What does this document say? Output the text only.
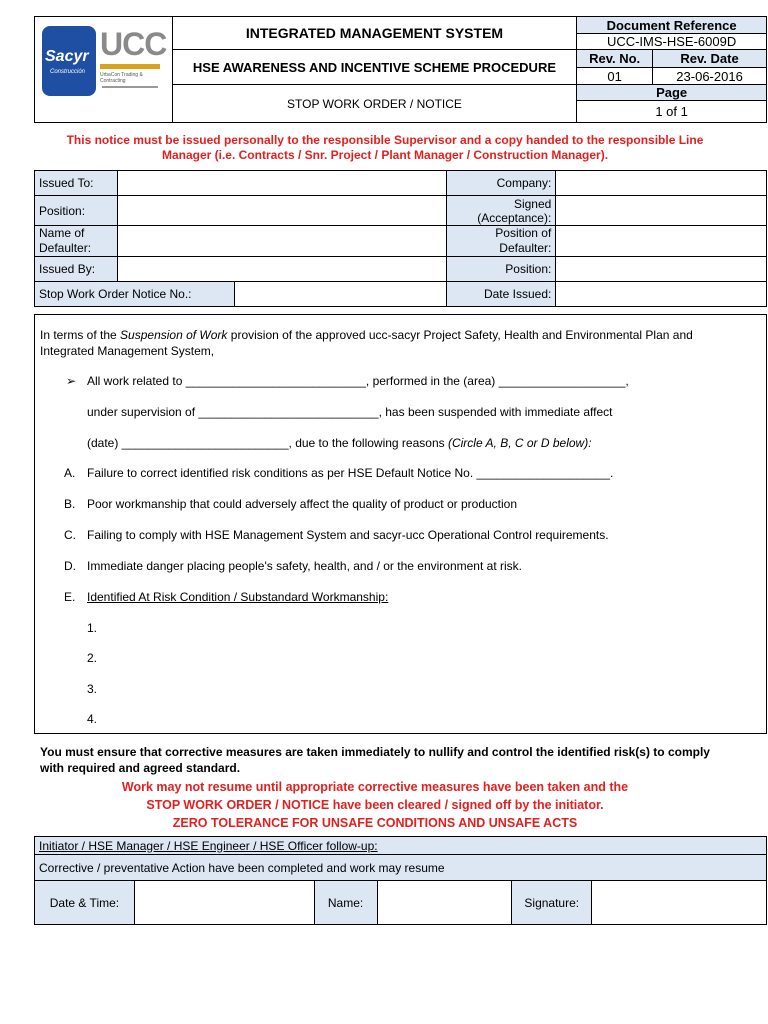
	INTEGRATED MANAGEMENT SYSTEM	Document Reference	
		UCC-IMS-HSE-6009D	
	HSE AWARENESS AND INCENTIVE SCHEME PROCEDURE	Rev. No.	Rev. Date
		01	23-06-2016
	STOP WORK ORDER / NOTICE	Page	
		1 of 1	
Sacyr
Construcción
UCC
UrbaCon Trading & Contracting
This notice must be issued personally to the responsible Supervisor and a copy handed to the responsible Line
Manager (i.e. Contracts / Snr. Project / Plant Manager / Construction Manager).
Issued To:			Company:	
Position:			Signed (Acceptance):	
Name of Defaulter:			Position of Defaulter:	
Issued By:			Position:	
Stop Work Order Notice No.:			Date Issued:	
In terms of the Suspension of Work provision of the approved ucc-sacyr Project Safety, Health and Environmental Plan and
Integrated Management System,
➢ All work related to ___________________________, performed in the (area) ___________________,
under supervision of ___________________________, has been suspended with immediate affect
(date) _________________________, due to the following reasons (Circle A, B, C or D below):
A. Failure to correct identified risk conditions as per HSE Default Notice No. ____________________.
B. Poor workmanship that could adversely affect the quality of product or production
C. Failing to comply with HSE Management System and sacyr-ucc Operational Control requirements.
D. Immediate danger placing people's safety, health, and / or the environment at risk.
E. Identified At Risk Condition / Substandard Workmanship:
1.
2.
3.
4.
You must ensure that corrective measures are taken immediately to nullify and control the identified risk(s) to comply
with required and agreed standard.
Work may not resume until appropriate corrective measures have been taken and the
STOP WORK ORDER / NOTICE have been cleared / signed off by the initiator.
ZERO TOLERANCE FOR UNSAFE CONDITIONS AND UNSAFE ACTS
Initiator / HSE Manager / HSE Engineer / HSE Officer follow-up:
Corrective / preventative Action have been completed and work may resume
Date & Time:		Name:		Signature:	
